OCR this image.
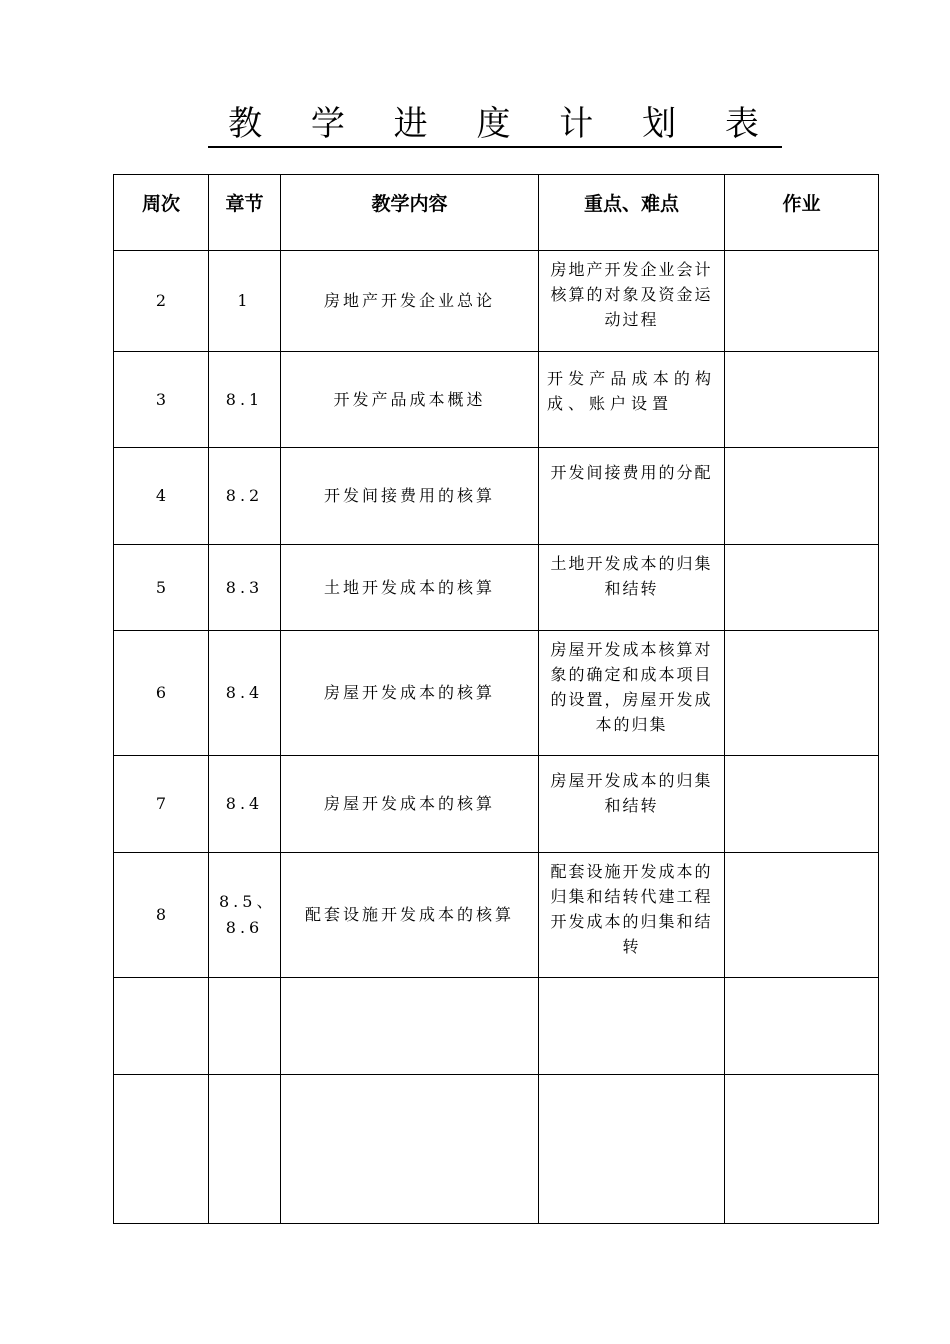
教 学 进 度 计 划 表
周次	章节	教学内容	重点、难点	作业
2	1	房地产开发企业总论	房地产开发企业会计核算的对象及资金运动过程	
3	8.1	开发产品成本概述	开发产品成本的构成、账户设置	
4	8.2	开发间接费用的核算	开发间接费用的分配	
5	8.3	土地开发成本的核算	土地开发成本的归集和结转	
6	8.4	房屋开发成本的核算	房屋开发成本核算对象的确定和成本项目的设置，房屋开发成本的归集	
7	8.4	房屋开发成本的核算	房屋开发成本的归集和结转	
8	8.5、8.6	配套设施开发成本的核算	配套设施开发成本的归集和结转代建工程开发成本的归集和结转	
